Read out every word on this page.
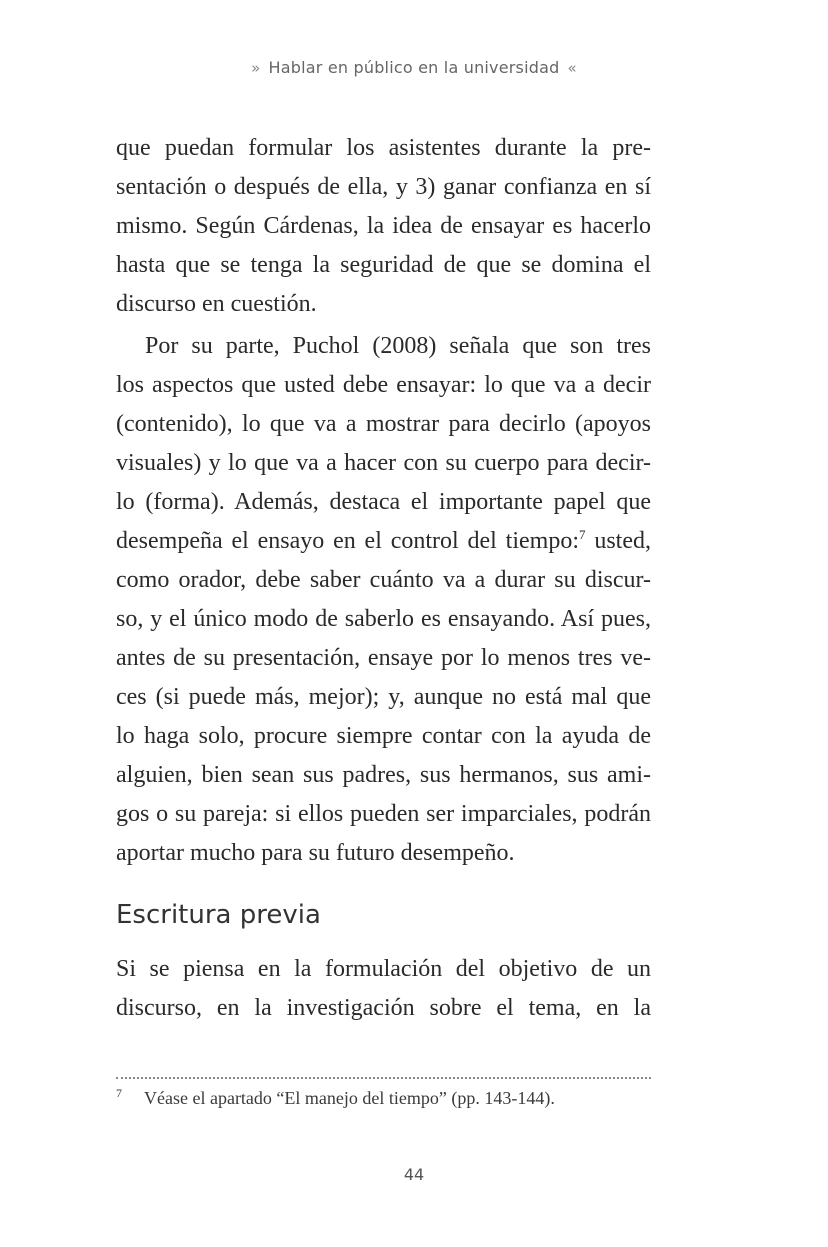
» Hablar en público en la universidad «

que puedan formular los asistentes durante la pre-
sentación o después de ella, y 3) ganar confianza en sí
mismo. Según Cárdenas, la idea de ensayar es hacerlo
hasta que se tenga la seguridad de que se domina el
discurso en cuestión.

Por su parte, Puchol (2008) señala que son tres
los aspectos que usted debe ensayar: lo que va a decir
(contenido), lo que va a mostrar para decirlo (apoyos
visuales) y lo que va a hacer con su cuerpo para decir-
lo (forma). Además, destaca el importante papel que
desempeña el ensayo en el control del tiempo:$^7$ usted,
como orador, debe saber cuánto va a durar su discur-
so, y el único modo de saberlo es ensayando. Así pues,
antes de su presentación, ensaye por lo menos tres ve-
ces (si puede más, mejor); y, aunque no está mal que
lo haga solo, procure siempre contar con la ayuda de
alguien, bien sean sus padres, sus hermanos, sus ami-
gos o su pareja: si ellos pueden ser imparciales, podrán
aportar mucho para su futuro desempeño.

Escritura previa

Si se piensa en la formulación del objetivo de un
discurso, en la investigación sobre el tema, en la

7 Véase el apartado “El manejo del tiempo” (pp. 143-144).
44
